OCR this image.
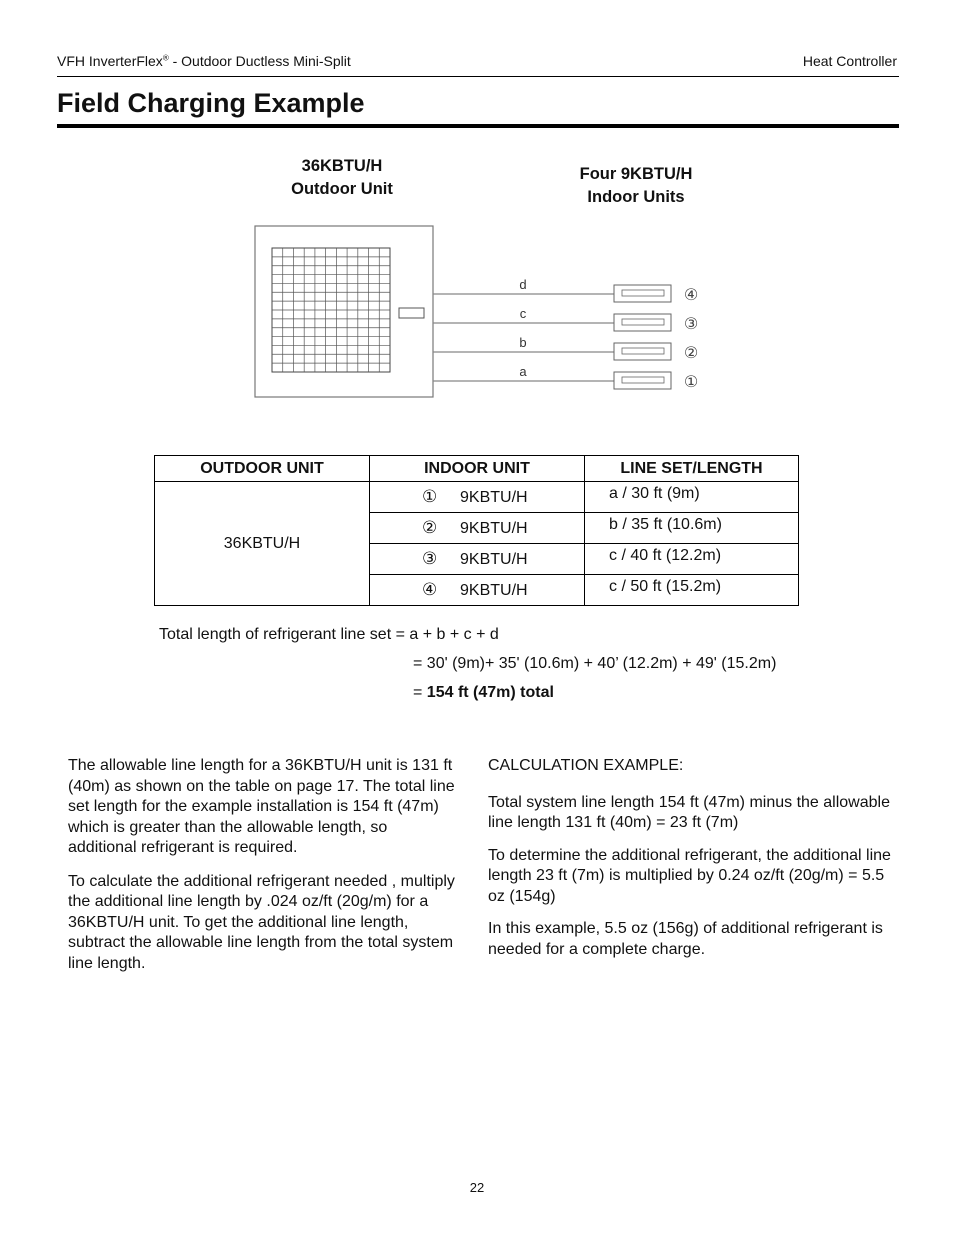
VFH InverterFlex® - Outdoor Ductless Mini-Split	Heat Controller
Field Charging Example
36KBTU/H
Outdoor Unit
Four 9KBTU/H
Indoor Units
d
④
c
③
b
②
a
①
OUTDOOR UNIT	INDOOR UNIT	LINE SET/LENGTH
36KBTU/H	① 9KBTU/H	a / 30 ft (9m)
	② 9KBTU/H	b / 35 ft (10.6m)
	③ 9KBTU/H	c / 40 ft (12.2m)
	④ 9KBTU/H	c / 50 ft (15.2m)
Total length of refrigerant line set = a + b + c + d
= 30' (9m)+ 35' (10.6m) + 40’ (12.2m) + 49' (15.2m)
= 154 ft (47m) total

The allowable line length for a 36KBTU/H unit is 131 ft (40m) as shown on the table on page 17. The total line set length for the example installation is 154 ft (47m) which is greater than the allowable length, so additional refrigerant is required.

To calculate the additional refrigerant needed , multiply the additional line length by .024 oz/ft (20g/m) for a 36KBTU/H unit. To get the additional line length, subtract the allowable line length from the total system line length.

CALCULATION EXAMPLE:

Total system line length 154 ft (47m) minus the allowable line length 131 ft (40m) = 23 ft (7m)

To determine the additional refrigerant, the additional line length 23 ft (7m) is multiplied by 0.24 oz/ft (20g/m) = 5.5 oz (154g)

In this example, 5.5 oz (156g) of additional refrigerant is needed for a complete charge.

22
